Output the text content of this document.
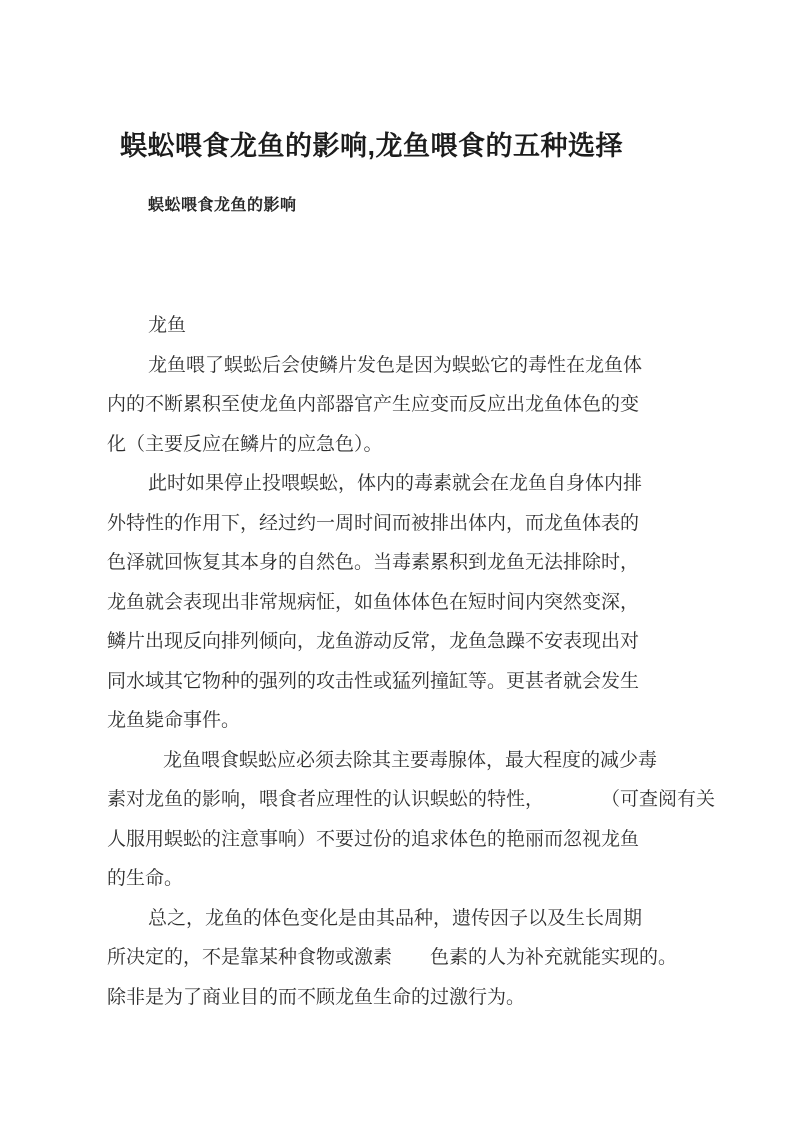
蜈蚣喂食龙鱼的影响,龙鱼喂食的五种选择
蜈蚣喂食龙鱼的影响
龙鱼
龙鱼喂了蜈蚣后会使鳞片发色是因为蜈蚣它的毒性在龙鱼体
内的不断累积至使龙鱼内部器官产生应变而反应出龙鱼体色的变
化（主要反应在鳞片的应急色）。
此时如果停止投喂蜈蚣，体内的毒素就会在龙鱼自身体内排
外特性的作用下，经过约一周时间而被排出体内，而龙鱼体表的
色泽就回恢复其本身的自然色。当毒素累积到龙鱼无法排除时，
龙鱼就会表现出非常规病怔，如鱼体体色在短时间内突然变深，
鳞片出现反向排列倾向，龙鱼游动反常，龙鱼急躁不安表现出对
同水域其它物种的强列的攻击性或猛列撞缸等。更甚者就会发生
龙鱼毙命事件。
龙鱼喂食蜈蚣应必须去除其主要毒腺体，最大程度的减少毒
素对龙鱼的影响，喂食者应理性的认识蜈蚣的特性，　　　　（可查阅有关
人服用蜈蚣的注意事响）不要过份的追求体色的艳丽而忽视龙鱼
的生命。
总之，龙鱼的体色变化是由其品种，遗传因子以及生长周期
所决定的，不是靠某种食物或激素　　色素的人为补充就能实现的。
除非是为了商业目的而不顾龙鱼生命的过激行为。
